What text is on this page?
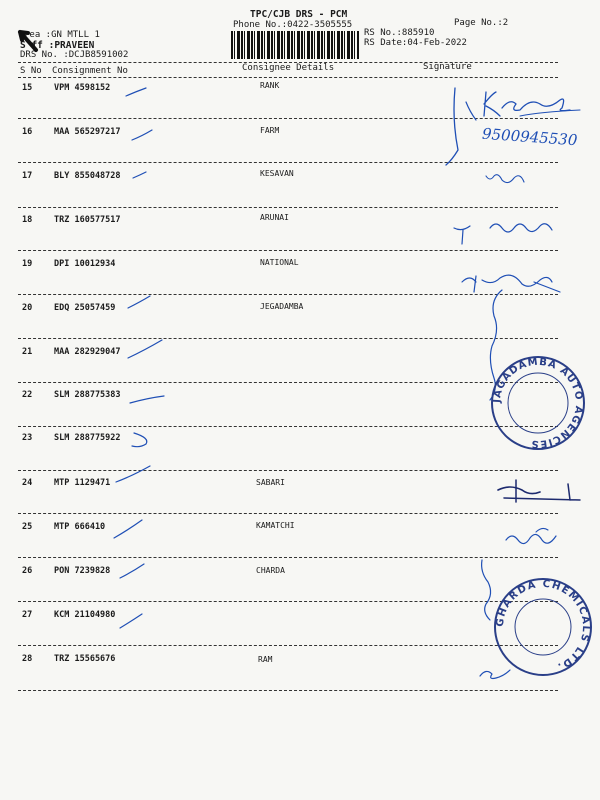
TPC/CJB DRS - PCM
Phone No.:0422-3505555	Page No.:2
RS No.:885910
RS Date:04-Feb-2022
rea :GN MTLL 1
S ff :PRAVEEN
DRS No. :DCJB8591002
S No Consignment No	Consignee Details	Signature
15	VPM 4598152	RANK
16	MAA 565297217	FARM
17	BLY 855048728	KESAVAN
18	TRZ 160577517	ARUNAI
19	DPI 10012934	NATIONAL
20	EDQ 25057459	JEGADAMBA
21	MAA 282929047
22	SLM 288775383
23	SLM 288775922
24	MTP 1129471	SABARI
25	MTP 666410	KAMATCHI
26	PON 7239828	CHARDA
27	KCM 21104980
28	TRZ 15565676	RAM
9500945530
JAGADAMBA AUTO AGENCIES
GHARDA CHEMICALS LTD.
